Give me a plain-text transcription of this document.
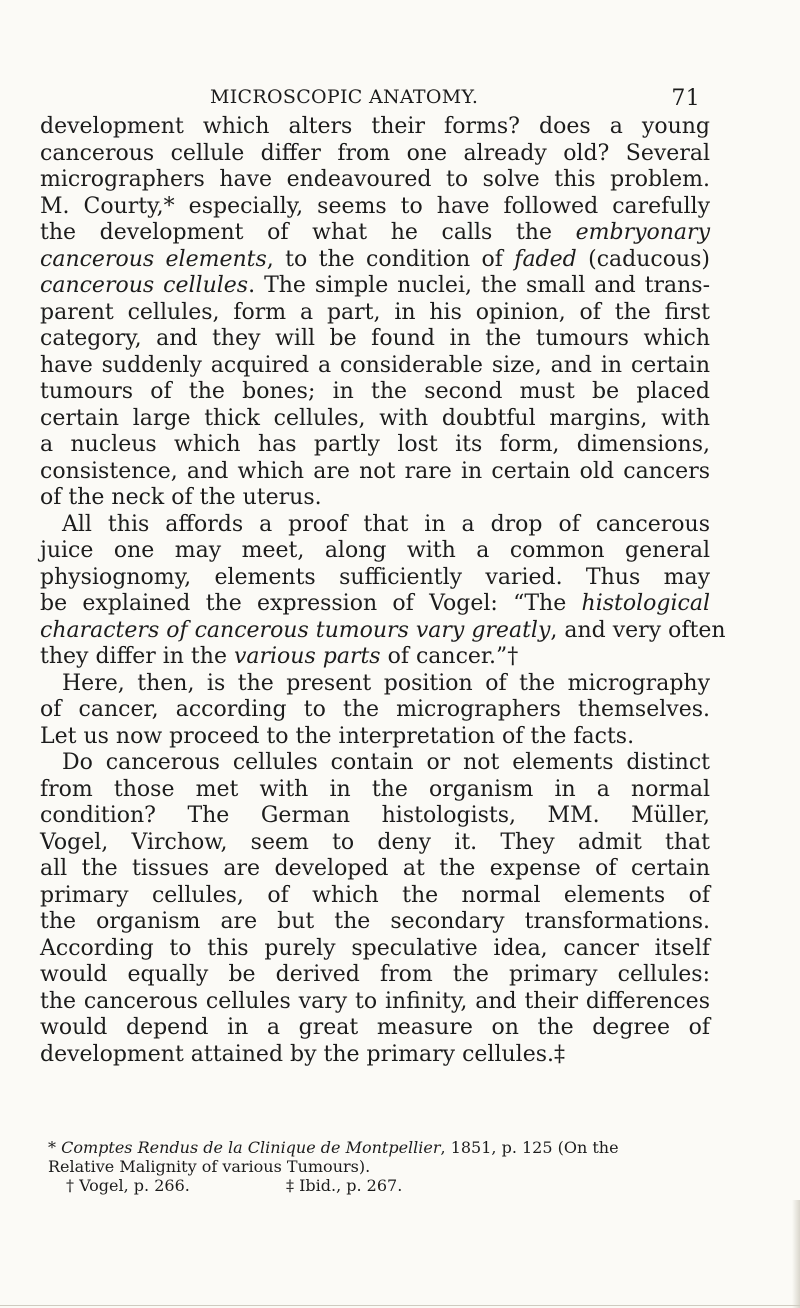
MICROSCOPIC ANATOMY.	71

development which alters their forms? does a young
cancerous cellule differ from one already old? Several
micrographers have endeavoured to solve this problem.
M. Courty,* especially, seems to have followed carefully
the development of what he calls the embryonary
cancerous elements, to the condition of faded (caducous)
cancerous cellules. The simple nuclei, the small and trans-
parent cellules, form a part, in his opinion, of the first
category, and they will be found in the tumours which
have suddenly acquired a considerable size, and in certain
tumours of the bones; in the second must be placed
certain large thick cellules, with doubtful margins, with
a nucleus which has partly lost its form, dimensions,
consistence, and which are not rare in certain old cancers
of the neck of the uterus.

All this affords a proof that in a drop of cancerous
juice one may meet, along with a common general
physiognomy, elements sufficiently varied. Thus may
be explained the expression of Vogel: “The histological
characters of cancerous tumours vary greatly, and very often
they differ in the various parts of cancer.”†

Here, then, is the present position of the micrography
of cancer, according to the micrographers themselves.
Let us now proceed to the interpretation of the facts.

Do cancerous cellules contain or not elements distinct
from those met with in the organism in a normal
condition? The German histologists, MM. Müller,
Vogel, Virchow, seem to deny it. They admit that
all the tissues are developed at the expense of certain
primary cellules, of which the normal elements of
the organism are but the secondary transformations.
According to this purely speculative idea, cancer itself
would equally be derived from the primary cellules:
the cancerous cellules vary to infinity, and their differences
would depend in a great measure on the degree of
development attained by the primary cellules.‡

* Comptes Rendus de la Clinique de Montpellier, 1851, p. 125 (On the
Relative Malignity of various Tumours).
† Vogel, p. 266.	‡ Ibid., p. 267.
